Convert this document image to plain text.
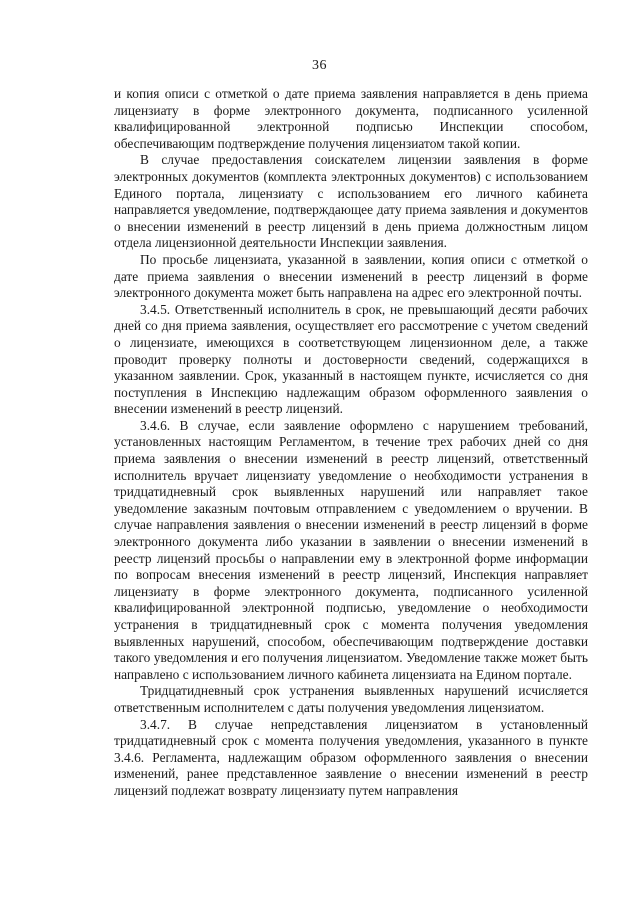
36

и копия описи с отметкой о дате приема заявления направляется в день приема лицензиату в форме электронного документа, подписанного усиленной квалифицированной электронной подписью Инспекции способом, обеспечивающим подтверждение получения лицензиатом такой копии.

В случае предоставления соискателем лицензии заявления в форме электронных документов (комплекта электронных документов) с использованием Единого портала, лицензиату с использованием его личного кабинета направляется уведомление, подтверждающее дату приема заявления и документов о внесении изменений в реестр лицензий в день приема должностным лицом отдела лицензионной деятельности Инспекции заявления.

По просьбе лицензиата, указанной в заявлении, копия описи с отметкой о дате приема заявления о внесении изменений в реестр лицензий в форме электронного документа может быть направлена на адрес его электронной почты.

3.4.5. Ответственный исполнитель в срок, не превышающий десяти рабочих дней со дня приема заявления, осуществляет его рассмотрение с учетом сведений о лицензиате, имеющихся в соответствующем лицензионном деле, а также проводит проверку полноты и достоверности сведений, содержащихся в указанном заявлении. Срок, указанный в настоящем пункте, исчисляется со дня поступления в Инспекцию надлежащим образом оформленного заявления о внесении изменений в реестр лицензий.

3.4.6. В случае, если заявление оформлено с нарушением требований, установленных настоящим Регламентом, в течение трех рабочих дней со дня приема заявления о внесении изменений в реестр лицензий, ответственный исполнитель вручает лицензиату уведомление о необходимости устранения в тридцатидневный срок выявленных нарушений или направляет такое уведомление заказным почтовым отправлением с уведомлением о вручении. В случае направления заявления о внесении изменений в реестр лицензий в форме электронного документа либо указании в заявлении о внесении изменений в реестр лицензий просьбы о направлении ему в электронной форме информации по вопросам внесения изменений в реестр лицензий, Инспекция направляет лицензиату в форме электронного документа, подписанного усиленной квалифицированной электронной подписью, уведомление о необходимости устранения в тридцатидневный срок с момента получения уведомления выявленных нарушений, способом, обеспечивающим подтверждение доставки такого уведомления и его получения лицензиатом. Уведомление также может быть направлено с использованием личного кабинета лицензиата на Едином портале.

Тридцатидневный срок устранения выявленных нарушений исчисляется ответственным исполнителем с даты получения уведомления лицензиатом.

3.4.7. В случае непредставления лицензиатом в установленный тридцатидневный срок с момента получения уведомления, указанного в пункте 3.4.6. Регламента, надлежащим образом оформленного заявления о внесении изменений, ранее представленное заявление о внесении изменений в реестр лицензий подлежат возврату лицензиату путем направления
